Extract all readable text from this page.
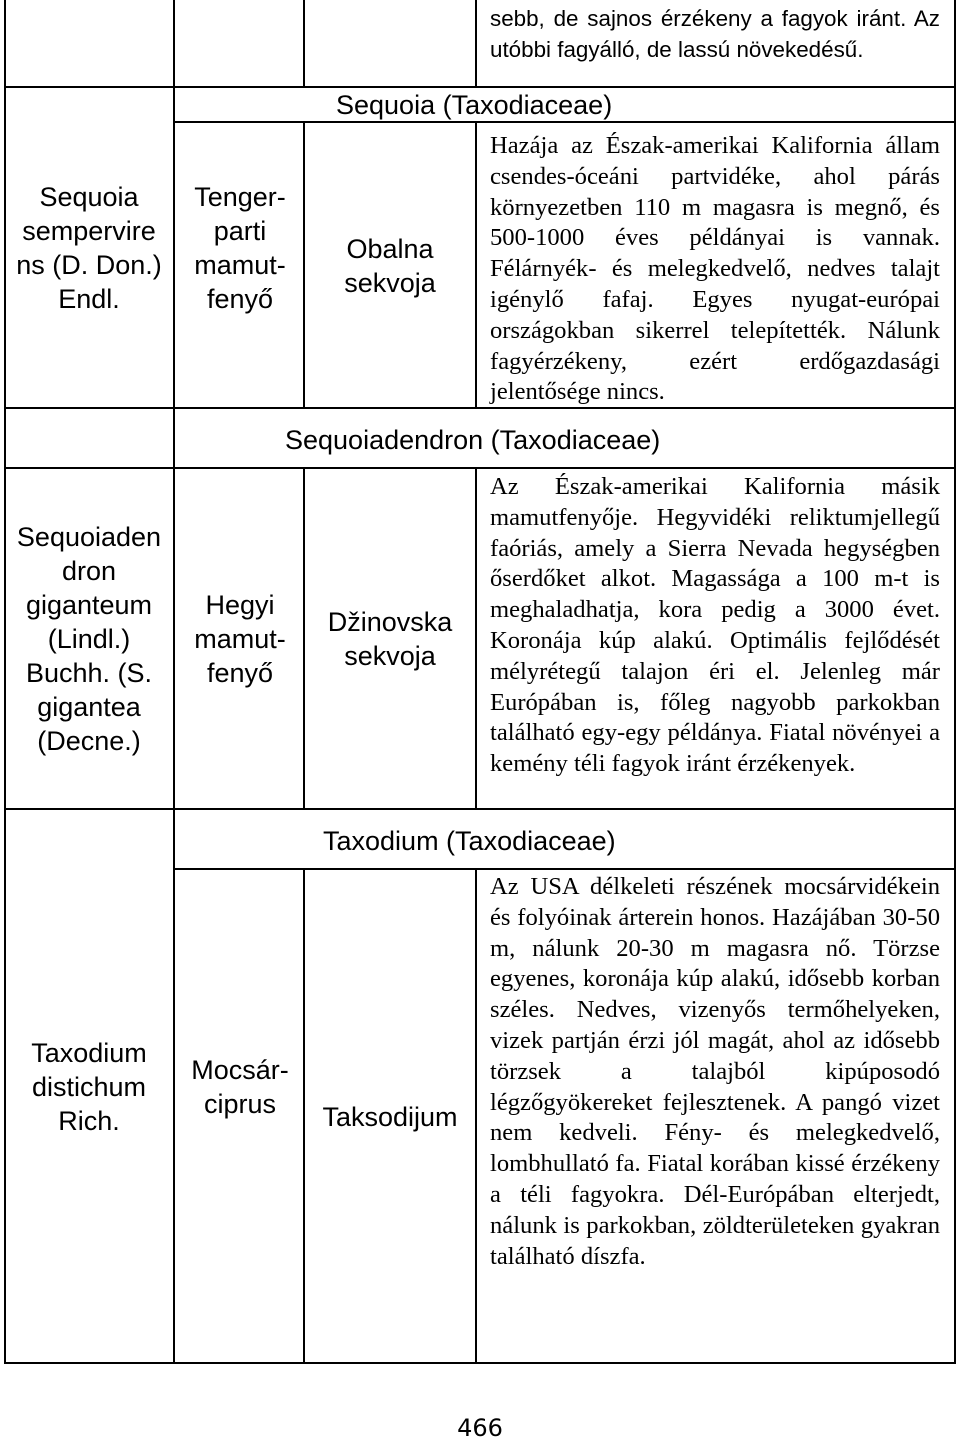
sebb, de sajnos érzékeny a fagyok iránt. Az utóbbi fagyálló, de lassú növekedésű.

Sequoia (Taxodiaceae)
Sequoia sempervire ns (D. Don.) Endl.
Tenger-parti mamut-fenyő
Obalna sekvoja

Hazája az Észak-amerikai Kalifornia állam csendes-óceáni partvidéke, ahol párás környezetben 110 m magasra is megnő, és 500-1000 éves példányai is vannak. Félárnyék- és melegkedvelő, nedves talajt igénylő fafaj. Egyes nyugat-európai országokban sikerrel telepítették. Nálunk fagyérzékeny, ezért erdőgazdasági jelentősége nincs.

Sequoiadendron (Taxodiaceae)
Sequoiaden dron giganteum (Lindl.) Buchh. (S. gigantea (Decne.)
Hegyi mamut-fenyő
Džinovska sekvoja

Az Észak-amerikai Kalifornia másik mamutfenyője. Hegyvidéki reliktumjellegű faóriás, amely a Sierra Nevada hegységben őserdőket alkot. Magassága a 100 m-t is meghaladhatja, kora pedig a 3000 évet. Koronája kúp alakú. Optimális fejlődését mélyrétegű talajon éri el. Jelenleg már Európában is, főleg nagyobb parkokban található egy-egy példánya. Fiatal növényei a kemény téli fagyok iránt érzékenyek.

Taxodium (Taxodiaceae)
Taxodium distichum Rich.
Mocsár-ciprus	Taksodijum

Az USA délkeleti részének mocsárvidékein és folyóinak árterein honos. Hazájában 30-50 m, nálunk 20-30 m magasra nő. Törzse egyenes, koronája kúp alakú, idősebb korban széles. Nedves, vizenyős termőhelyeken, vizek partján érzi jól magát, ahol az idősebb törzsek a talajból kipúposodó légzőgyökereket fejlesztenek. A pangó vizet nem kedveli. Fény- és melegkedvelő, lombhullató fa. Fiatal korában kissé érzékeny a téli fagyokra. Dél-Európában elterjedt, nálunk is parkokban, zöldterületeken gyakran található díszfa.

466
